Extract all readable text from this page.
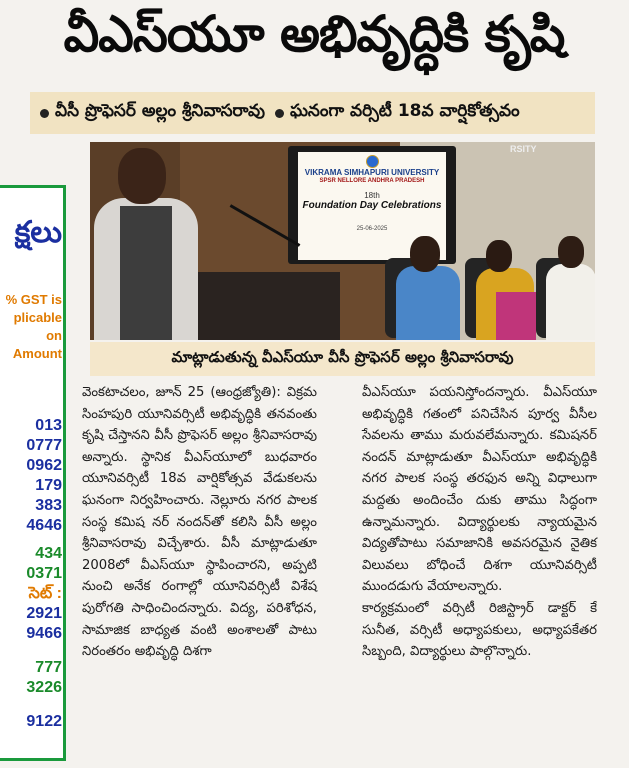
వీఎస్‌యూ అభివృద్ధికి కృషి
వీసీ ప్రొఫెసర్ అల్లం శ్రీనివాసరావు ఘనంగా వర్సిటీ 18వ వార్షికోత్సవం
క్షలు
% GST is
plicable
on
Amount
013
0777
0962
179
383
4646
434
0371
సెట్ :
2921
9466
777
3226
9122
RSITY
VIKRAMA SIMHAPURI UNIVERSITY
SPSR NELLORE ANDHRA PRADESH
18th
Foundation Day Celebrations
25-06-2025
మాట్లాడుతున్న వీఎస్‌యూ వీసీ ప్రొఫెసర్ అల్లం శ్రీనివాసరావు

వెంకటాచలం, జూన్ 25 (ఆంధ్రజ్యోతి): విక్రమ సింహపురి యూనివర్సిటీ అభివృద్ధికి తనవంతు కృషి చేస్తానని వీసీ ప్రొఫెసర్ అల్లం శ్రీనివాసరావు అన్నారు. స్థానిక వీఎస్‌యూలో బుధవారం యూనివర్సిటీ 18వ వార్షికోత్సవ వేడుకలను ఘనంగా నిర్వహించారు. నెల్లూరు నగర పాలక సంస్థ కమిష నర్ నందన్‌తో కలిసి వీసీ అల్లం శ్రీనివాసరావు విచ్చేశారు. వీసీ మాట్లాడుతూ 2008లో వీఎస్‌యూ స్థాపించారని, అప్పటి నుంచి అనేక రంగాల్లో యూనివర్సిటీ విశేష పురోగతి సాధించిందన్నారు. విద్య, పరిశోధన, సామాజిక బాధ్యత వంటి అంశాలతో పాటు నిరంతరం అభివృద్ధి దిశగా

వీఎస్‌యూ పయనిస్తోందన్నారు. వీఎస్‌యూ అభివృద్ధికి గతంలో పనిచేసిన పూర్వ వీసీల సేవలను తాము మరువలేమన్నారు. కమిషనర్ నందన్ మాట్లాడుతూ వీఎస్‌యూ అభివృద్ధికి నగర పాలక సంస్థ తరఫున అన్ని విధాలుగా మద్దతు అందించేం దుకు తాము సిద్ధంగా ఉన్నామన్నారు. విద్యార్థులకు న్యాయమైన విద్యతోపాటు సమాజానికి అవసరమైన నైతిక విలువలు బోధించే దిశగా యూనివర్సిటీ ముందడుగు వేయాలన్నారు.

కార్యక్రమంలో వర్సిటీ రిజిస్ట్రార్ డాక్టర్ కే సునీత, వర్సిటీ అధ్యాపకులు, అధ్యాపకేతర సిబ్బంది, విద్యార్థులు పాల్గొన్నారు.
